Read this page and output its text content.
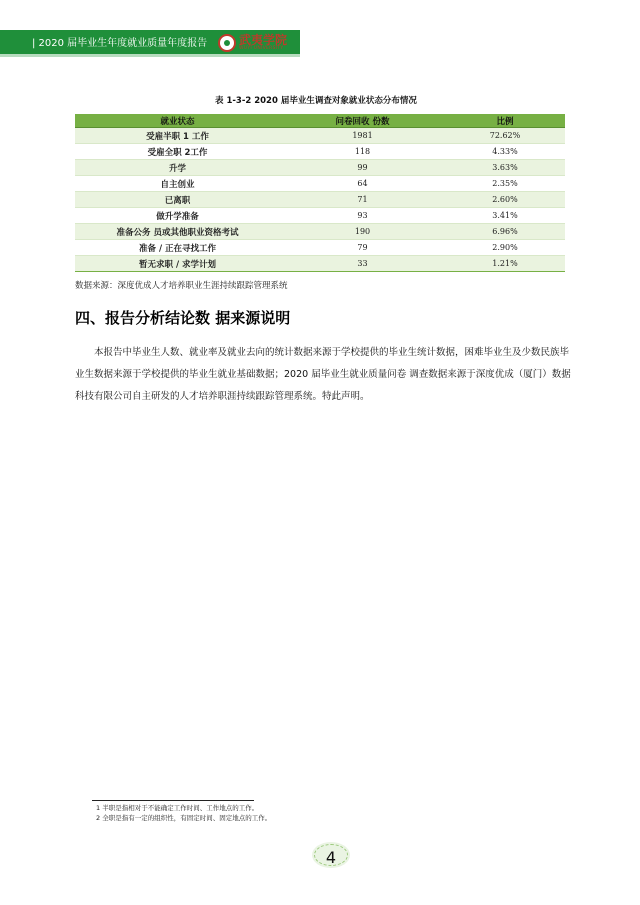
| 2020 届毕业生年度就业质量年度报告	武夷学院
WUYI UNIVERSITY
表 1-3-2 2020 届毕业生调查对象就业状态分布情况
就业状态	问卷回收 份数	比例
受雇半职 1 工作	1981	72.62%
受雇全职 2工作	118	4.33%
升学	99	3.63%
自主创业	64	2.35%
已离职	71	2.60%
做升学准备	93	3.41%
准备公务 员或其他职业资格考试	190	6.96%
准备 / 正在寻找工作	79	2.90%
暂无求职 / 求学计划	33	1.21%
数据来源：深度优成人才培养职业生涯持续跟踪管理系统
四、报告分析结论数 据来源说明

本报告中毕业生人数、就业率及就业去向的统计数据来源于学校提供的毕业生统计数据，困难毕业生及少数民族毕业生数据来源于学校提供的毕业生就业基础数据；2020 届毕业生就业质量问卷 调查数据来源于深度优成（厦门）数据科技有限公司自主研发的人才培养职涯持续跟踪管理系统。特此声明。

1 半职是指相对于不能确定工作时间、工作地点的工作。
2 全职是指有一定的组织性，有固定时间、固定地点的工作。
4
